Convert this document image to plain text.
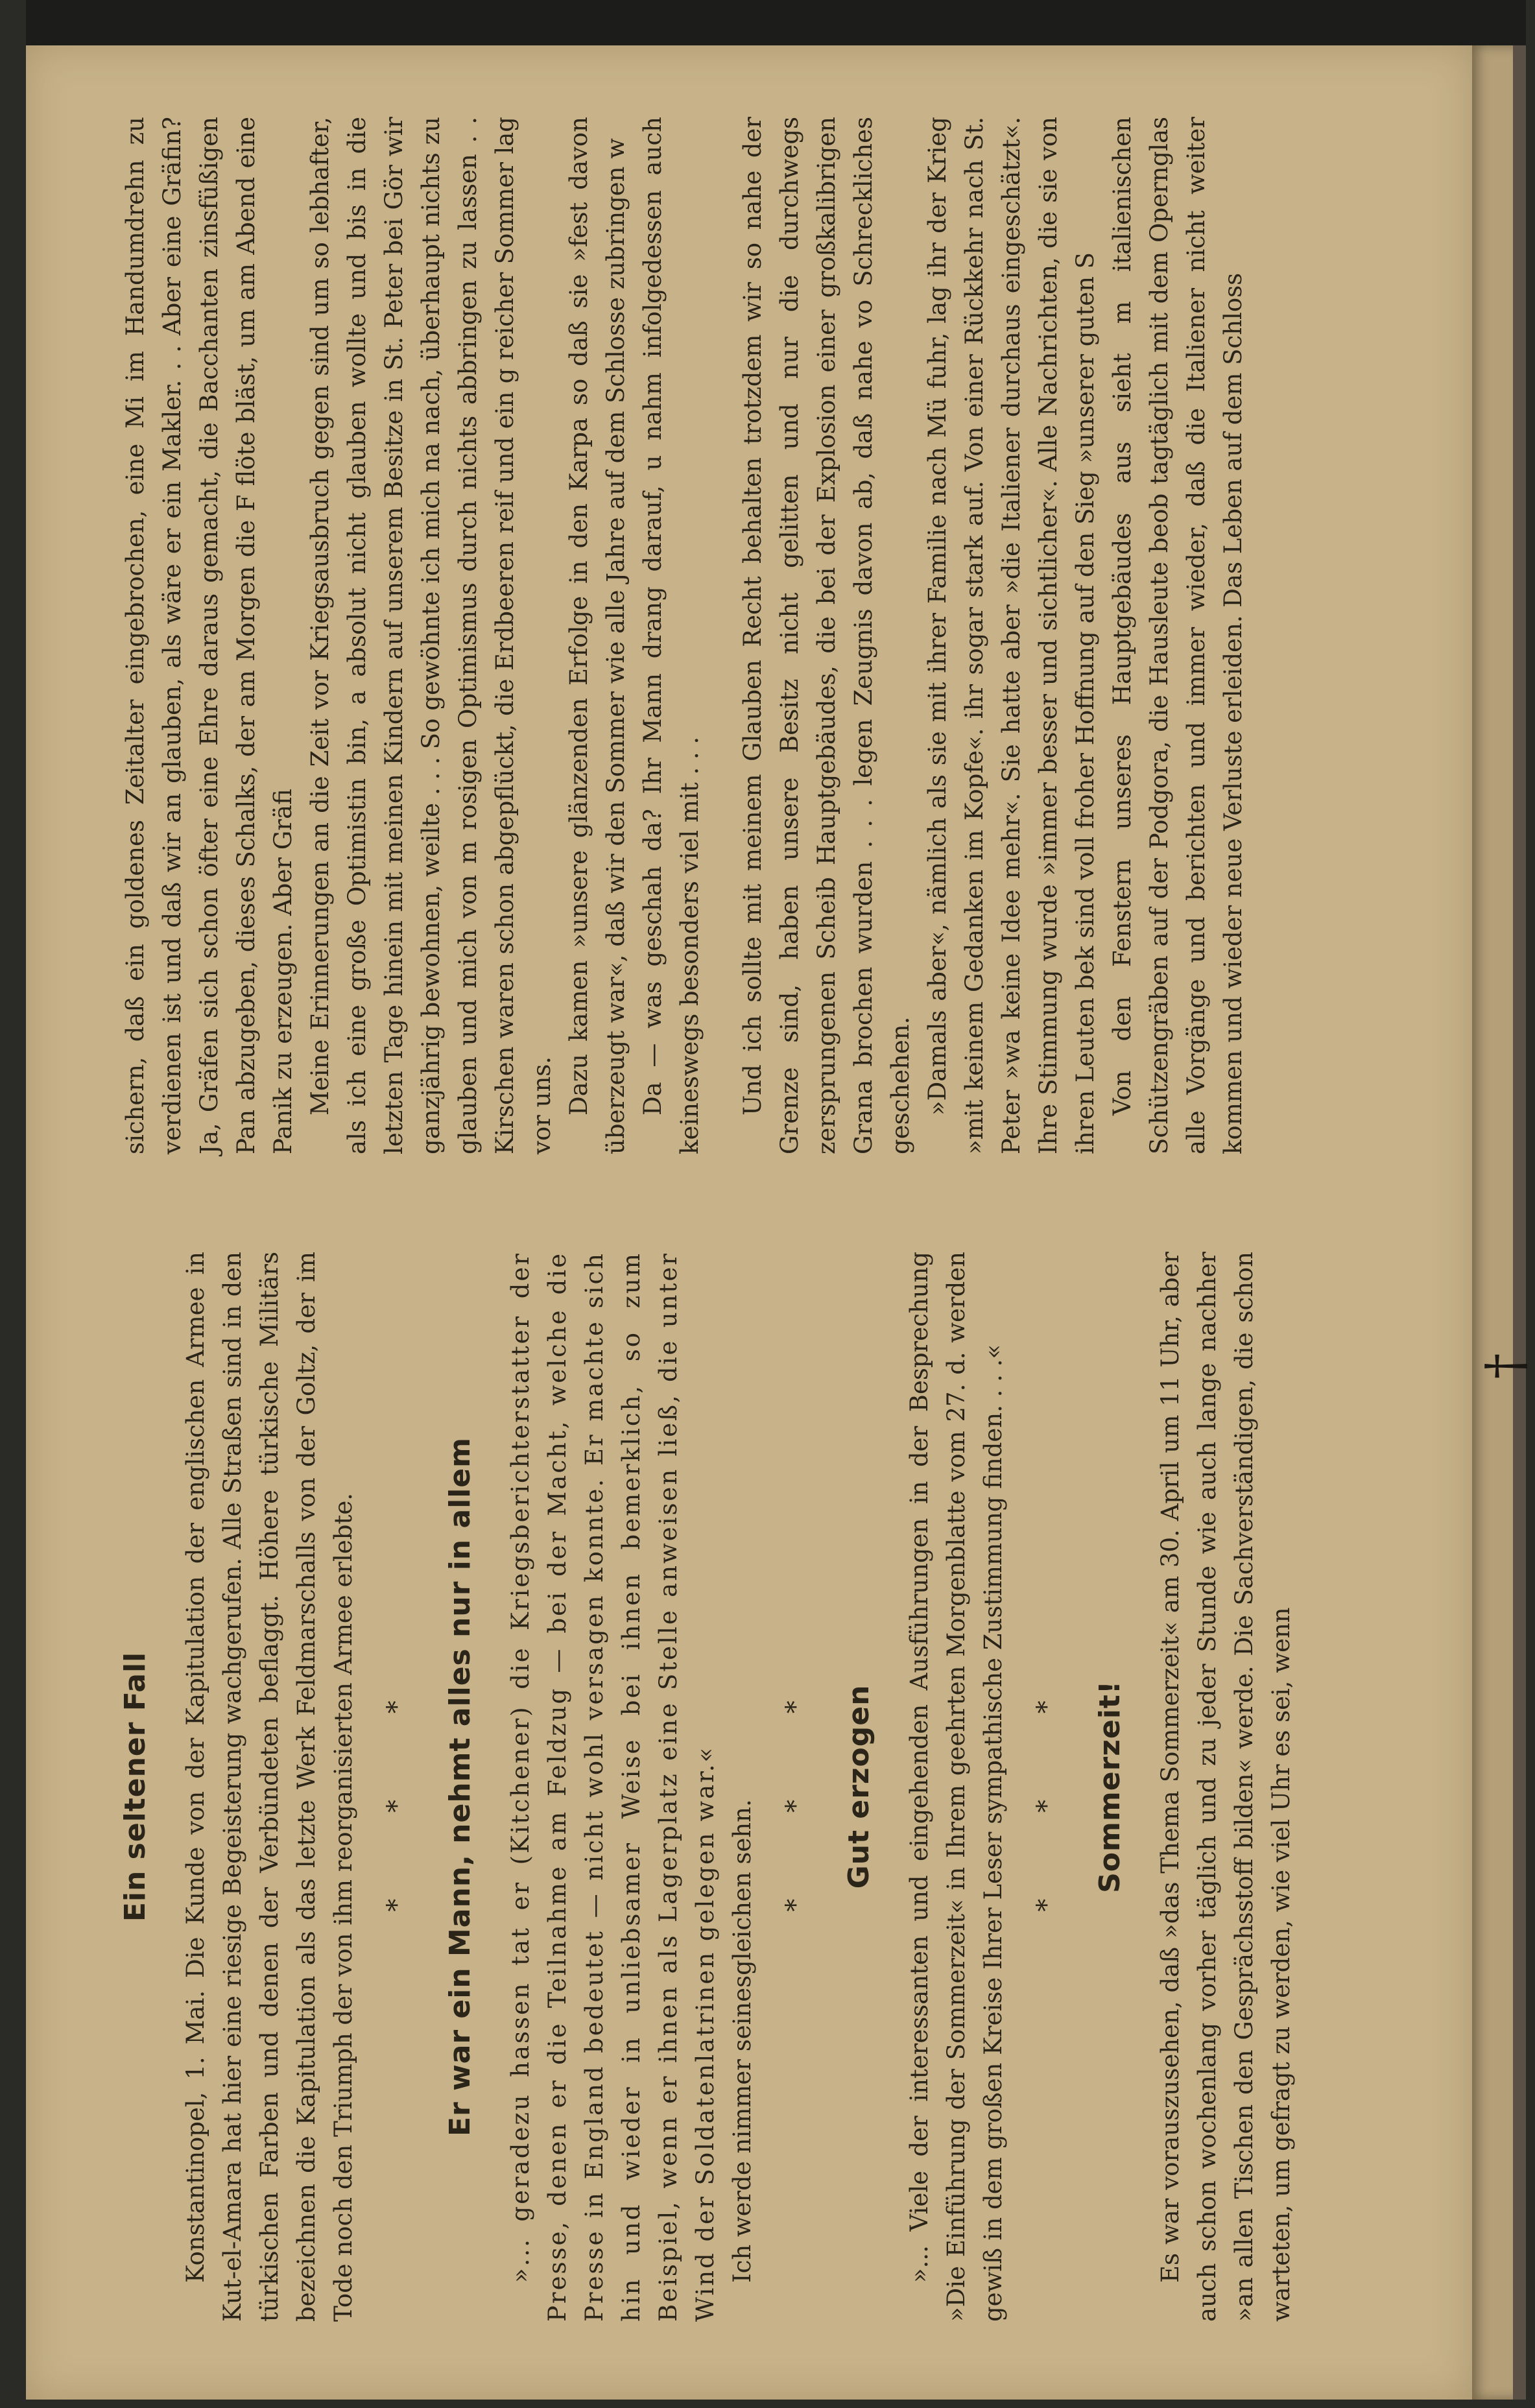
Ein seltener Fall Konstantinopel, 1. Mai. Die Kunde von der Kapitulation der englischen Armee in Kut-el-Amara hat hier eine riesige Begeisterung wachgerufen. Alle Straßen sind in den türkischen Farben und denen der Verbündeten beflaggt. Höhere türkische Militärs bezeichnen die Kapitulation als das letzte Werk Feldmarschalls von der Goltz, der im Tode noch den Triumph der von ihm reorganisierten Armee erlebte. * * * Er war ein Mann, nehmt alles nur in allem »... geradezu hassen tat er (Kitchener) die Kriegsberichterstatter der Presse, denen er die Teilnahme am Feldzug — bei der Macht, welche die Presse in England bedeutet — nicht wohl versagen konnte. Er machte sich hin und wieder in unliebsamer Weise bei ihnen bemerklich, so zum Beispiel, wenn er ihnen als Lagerplatz eine Stelle anweisen ließ, die unter Wind der Soldatenlatrinen gelegen war.« Ich werde nimmer seinesgleichen sehn.

* * * Gut erzogen »... Viele der interessanten und eingehenden Ausführungen in der Besprechung »Die Einführung der Sommerzeit« in Ihrem geehrten Morgenblatte vom 27. d. werden gewiß in dem großen Kreise Ihrer Leser sympathische Zustimmung finden. . . .« * * * Sommerzeit! Es war vorauszusehen, daß »das Thema Sommerzeit« am 30. April um 11 Uhr, aber auch schon wochenlang vorher täglich und zu jeder Stunde wie auch lange nachher »an allen Tischen den Gesprächsstoff bilden« werde. Die Sachverständigen, die schon warteten, um gefragt zu werden, wie viel Uhr es sei, wenn

sichern, daß ein goldenes Zeitalter eingebrochen, eine Mi im Handumdrehn zu verdienen ist und daß wir an glauben, als wäre er ein Makler. . . Aber eine Gräfin? Ja, Gräfen sich schon öfter eine Ehre daraus gemacht, die Bacchanten zinsfüßigen Pan abzugeben, dieses Schalks, der am Morgen die F flöte bläst, um am Abend eine Panik zu erzeugen. Aber Gräfi Meine Erinnerungen an die Zeit vor Kriegsausbruch gegen sind um so lebhafter, als ich eine große Optimistin bin, a absolut nicht glauben wollte und bis in die letzten Tage hinein mit meinen Kindern auf unserem Besitze in St. Peter bei Gör wir ganzjährig bewohnen, weilte . . . So gewöhnte ich mich na nach, überhaupt nichts zu glauben und mich von m rosigen Optimismus durch nichts abbringen zu lassen . . Kirschen waren schon abgepflückt, die Erdbeeren reif und ein g reicher Sommer lag vor uns. Dazu kamen »unsere glänzenden Erfolge in den Karpa so daß sie »fest davon überzeugt war«, daß wir den Sommer wie alle Jahre auf dem Schlosse zubringen w Da — was geschah da? Ihr Mann drang darauf, u nahm infolgedessen auch keineswegs besonders viel mit . . . Und ich sollte mit meinem Glauben Recht behalten trotzdem wir so nahe der Grenze sind, haben unsere Besitz nicht gelitten und nur die durchwegs zersprungenen Scheib Hauptgebäudes, die bei der Explosion einer großkalibrigen Grana brochen wurden . . . legen Zeugnis davon ab, daß nahe vo Schreckliches geschehen. »Damals aber«, nämlich als sie mit ihrer Familie nach Mü fuhr, lag ihr der Krieg »mit keinem Gedanken im Kopfe«. ihr sogar stark auf. Von einer Rückkehr nach St. Peter »wa keine Idee mehr«. Sie hatte aber »die Italiener durchaus eingeschätzt«. Ihre Stimmung wurde »immer besser und sichtlicher«. Alle Nachrichten, die sie von ihren Leuten bek sind voll froher Hoffnung auf den Sieg »unserer guten S Von den Fenstern unseres Hauptgebäudes aus sieht m italienischen Schützengräben auf der Podgora, die Hausleute beob tagtäglich mit dem Opernglas alle Vorgänge und berichten und immer wieder, daß die Italiener nicht weiter kommen und wieder neue Verluste erleiden. Das Leben auf dem Schloss

†
